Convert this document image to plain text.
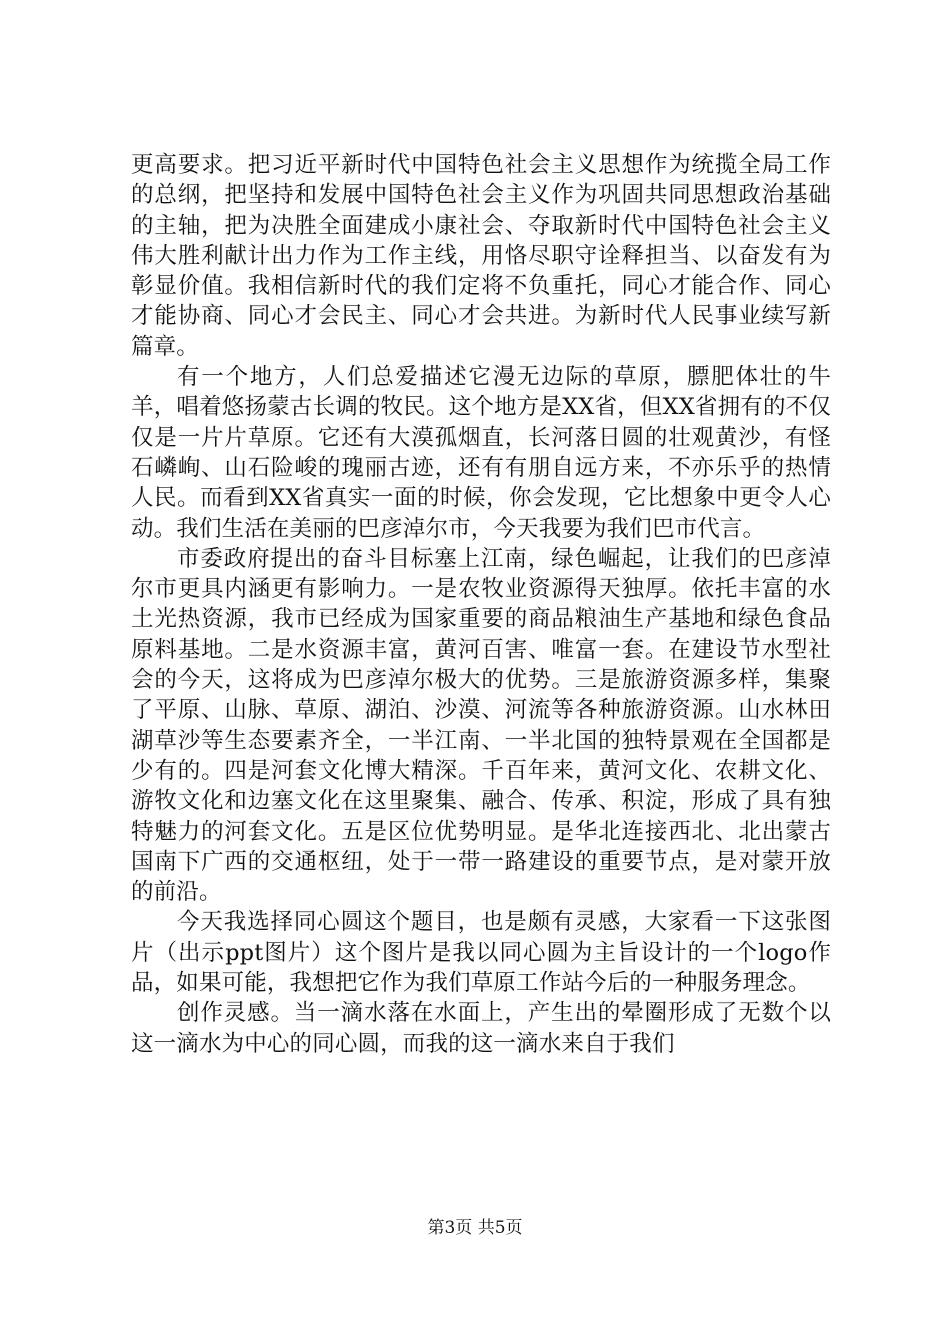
更高要求。把习近平新时代中国特色社会主义思想作为统揽全局工作的总纲，把坚持和发展中国特色社会主义作为巩固共同思想政治基础的主轴，把为决胜全面建成小康社会、夺取新时代中国特色社会主义伟大胜利献计出力作为工作主线，用恪尽职守诠释担当、以奋发有为彰显价值。我相信新时代的我们定将不负重托，同心才能合作、同心才能协商、同心才会民主、同心才会共进。为新时代人民事业续写新篇章。

有一个地方，人们总爱描述它漫无边际的草原，膘肥体壮的牛羊，唱着悠扬蒙古长调的牧民。这个地方是XX省，但XX省拥有的不仅仅是一片片草原。它还有大漠孤烟直，长河落日圆的壮观黄沙，有怪石嶙峋、山石险峻的瑰丽古迹，还有有朋自远方来，不亦乐乎的热情人民。而看到XX省真实一面的时候，你会发现，它比想象中更令人心动。我们生活在美丽的巴彦淖尔市，今天我要为我们巴市代言。

市委政府提出的奋斗目标塞上江南，绿色崛起，让我们的巴彦淖尔市更具内涵更有影响力。一是农牧业资源得天独厚。依托丰富的水土光热资源，我市已经成为国家重要的商品粮油生产基地和绿色食品原料基地。二是水资源丰富，黄河百害、唯富一套。在建设节水型社会的今天，这将成为巴彦淖尔极大的优势。三是旅游资源多样，集聚了平原、山脉、草原、湖泊、沙漠、河流等各种旅游资源。山水林田湖草沙等生态要素齐全，一半江南、一半北国的独特景观在全国都是少有的。四是河套文化博大精深。千百年来，黄河文化、农耕文化、游牧文化和边塞文化在这里聚集、融合、传承、积淀，形成了具有独特魅力的河套文化。五是区位优势明显。是华北连接西北、北出蒙古国南下广西的交通枢纽，处于一带一路建设的重要节点，是对蒙开放的前沿。

今天我选择同心圆这个题目，也是颇有灵感，大家看一下这张图片（出示ppt图片）这个图片是我以同心圆为主旨设计的一个logo作品，如果可能，我想把它作为我们草原工作站今后的一种服务理念。

创作灵感。当一滴水落在水面上，产生出的晕圈形成了无数个以这一滴水为中心的同心圆，而我的这一滴水来自于我们

第3页 共5页
